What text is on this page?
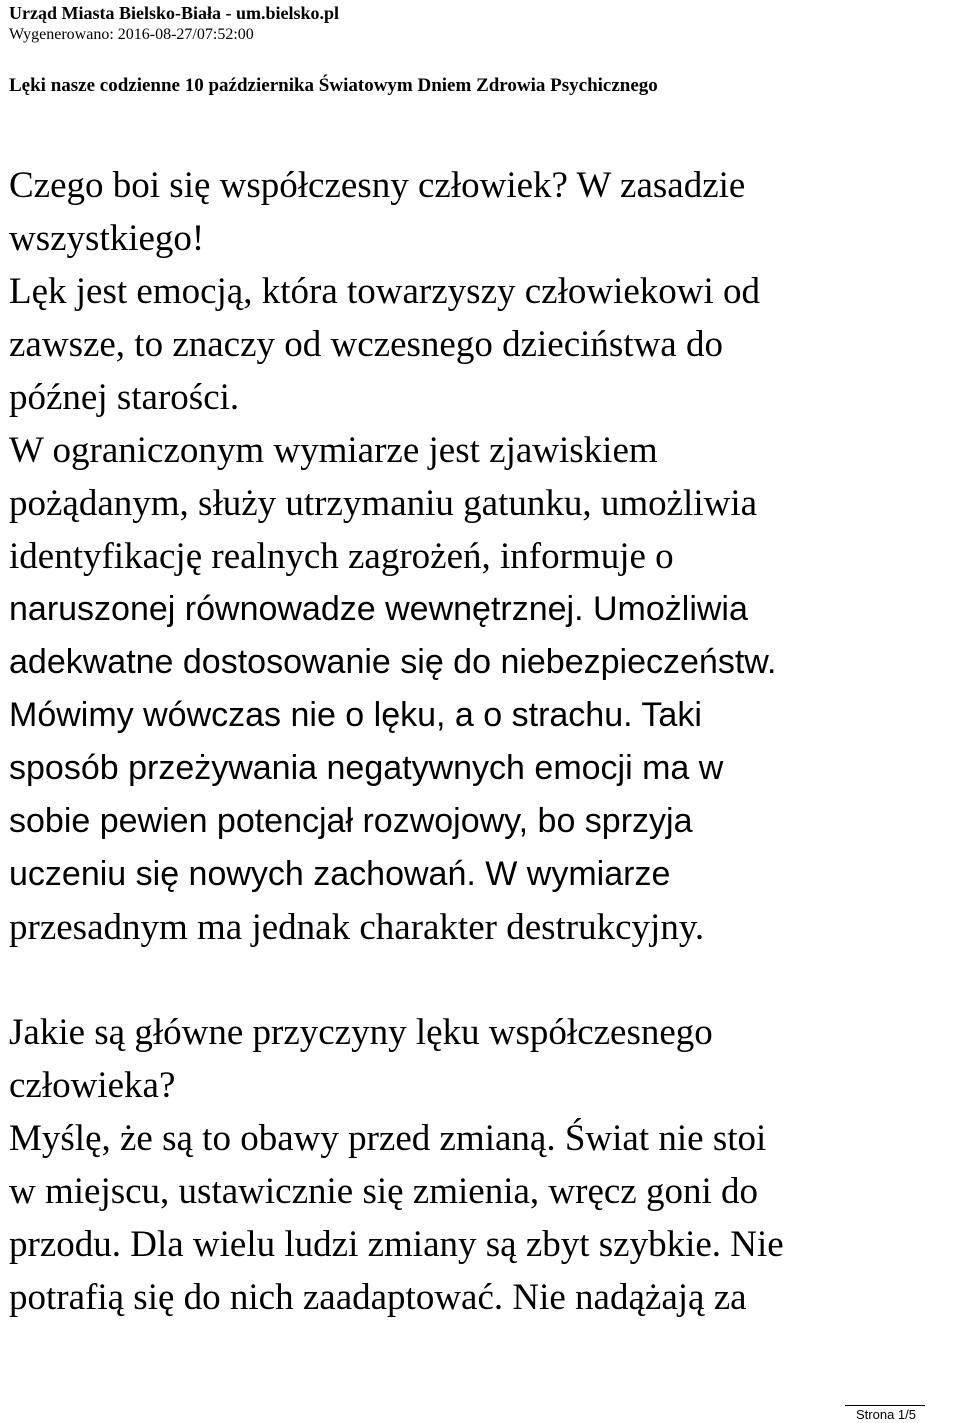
Urząd Miasta Bielsko-Biała - um.bielsko.pl
Wygenerowano: 2016-08-27/07:52:00
Lęki nasze codzienne 10 października Światowym Dniem Zdrowia Psychicznego
Czego boi się współczesny człowiek? W zasadzie
wszystkiego!
Lęk jest emocją, która towarzyszy człowiekowi od
zawsze, to znaczy od wczesnego dzieciństwa do
późnej starości.
W ograniczonym wymiarze jest zjawiskiem
pożądanym, służy utrzymaniu gatunku, umożliwia
identyfikację realnych zagrożeń, informuje o
naruszonej równowadze wewnętrznej. Umożliwia
adekwatne dostosowanie się do niebezpieczeństw.
Mówimy wówczas nie o lęku, a o strachu. Taki
sposób przeżywania negatywnych emocji ma w
sobie pewien potencjał rozwojowy, bo sprzyja
uczeniu się nowych zachowań. W wymiarze
przesadnym ma jednak charakter destrukcyjny.
Jakie są główne przyczyny lęku współczesnego
człowieka?
Myślę, że są to obawy przed zmianą. Świat nie stoi
w miejscu, ustawicznie się zmienia, wręcz goni do
przodu. Dla wielu ludzi zmiany są zbyt szybkie. Nie
potrafią się do nich zaadaptować. Nie nadążają za
Strona 1/5
